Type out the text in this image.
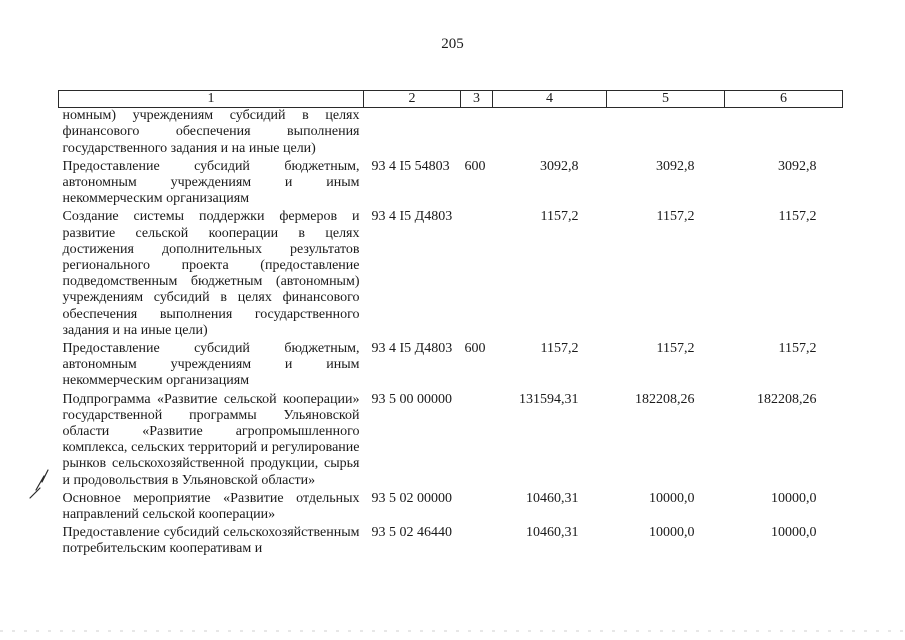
205
1	2	3	4	5	6
номным) учреждениям субсидий в целях финансового обеспечения выполнения государственного задания и на иные цели)					
Предоставление субсидий бюджетным, автономным учреждениям и иным некоммерческим организациям	93 4 I5 54803	600	3092,8	3092,8	3092,8
Создание системы поддержки фермеров и развитие сельской кооперации в целях достижения дополнительных результатов регионального проекта (предоставление подведомственным бюджетным (автономным) учреждениям субсидий в целях финансового обеспечения выполнения государственного задания и на иные цели)	93 4 I5 Д4803		1157,2	1157,2	1157,2
Предоставление субсидий бюджетным, автономным учреждениям и иным некоммерческим организациям	93 4 I5 Д4803	600	1157,2	1157,2	1157,2
Подпрограмма «Развитие сельской кооперации» государственной программы Ульяновской области «Развитие агропромышленного комплекса, сельских территорий и регулирование рынков сельскохозяйственной продукции, сырья и продовольствия в Ульяновской области»	93 5 00 00000		131594,31	182208,26	182208,26
Основное мероприятие «Развитие отдельных направлений сельской кооперации»	93 5 02 00000		10460,31	10000,0	10000,0
Предоставление субсидий сельскохозяйственным потребительским кооперативам и	93 5 02 46440		10460,31	10000,0	10000,0
